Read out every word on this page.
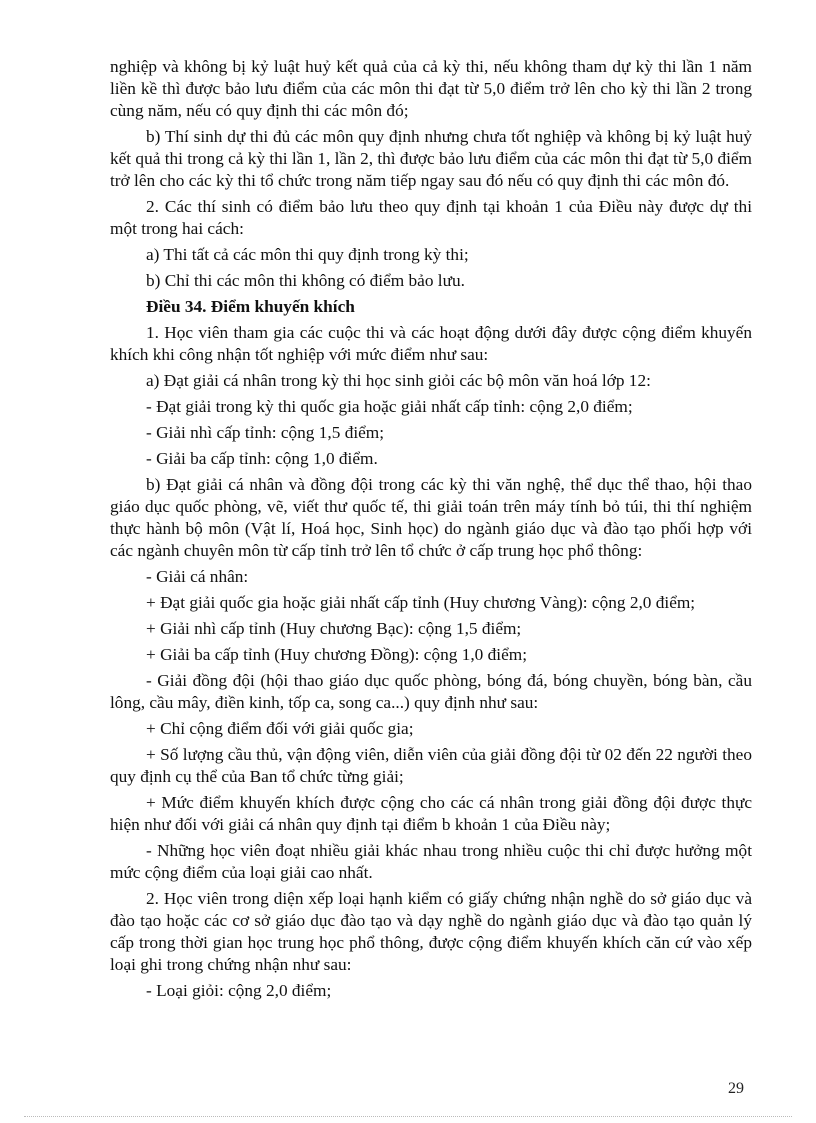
nghiệp và không bị kỷ luật huỷ kết quả của cả kỳ thi, nếu không tham dự kỳ thi lần 1 năm liền kề thì được bảo lưu điểm của các môn thi đạt từ 5,0 điểm trở lên cho kỳ thi lần 2 trong cùng năm, nếu có quy định thi các môn đó;

b) Thí sinh dự thi đủ các môn quy định nhưng chưa tốt nghiệp và không bị kỷ luật huỷ kết quả thi trong cả kỳ thi lần 1, lần 2, thì được bảo lưu điểm của các môn thi đạt từ 5,0 điểm trở lên cho các kỳ thi tổ chức trong năm tiếp ngay sau đó nếu có quy định thi các môn đó.

2. Các thí sinh có điểm bảo lưu theo quy định tại khoản 1 của Điều này được dự thi một trong hai cách:

a) Thi tất cả các môn thi quy định trong kỳ thi;

b) Chỉ thi các môn thi không có điểm bảo lưu.

Điều 34. Điểm khuyến khích

1. Học viên tham gia các cuộc thi và các hoạt động dưới đây được cộng điểm khuyến khích khi công nhận tốt nghiệp với mức điểm như sau:

a) Đạt giải cá nhân trong kỳ thi học sinh giỏi các bộ môn văn hoá lớp 12:

- Đạt giải trong kỳ thi quốc gia hoặc giải nhất cấp tỉnh: cộng 2,0 điểm;

- Giải nhì cấp tỉnh: cộng 1,5 điểm;

- Giải ba cấp tỉnh: cộng 1,0 điểm.

b) Đạt giải cá nhân và đồng đội trong các kỳ thi văn nghệ, thể dục thể thao, hội thao giáo dục quốc phòng, vẽ, viết thư quốc tế, thi giải toán trên máy tính bỏ túi, thi thí nghiệm thực hành bộ môn (Vật lí, Hoá học, Sinh học) do ngành giáo dục và đào tạo phối hợp với các ngành chuyên môn từ cấp tỉnh trở lên tổ chức ở cấp trung học phổ thông:

- Giải cá nhân:

+ Đạt giải quốc gia hoặc giải nhất cấp tỉnh (Huy chương Vàng): cộng 2,0 điểm;

+ Giải nhì cấp tỉnh (Huy chương Bạc): cộng 1,5 điểm;

+ Giải ba cấp tỉnh (Huy chương Đồng): cộng 1,0 điểm;

- Giải đồng đội (hội thao giáo dục quốc phòng, bóng đá, bóng chuyền, bóng bàn, cầu lông, cầu mây, điền kinh, tốp ca, song ca...) quy định như sau:

+ Chỉ cộng điểm đối với giải quốc gia;

+ Số lượng cầu thủ, vận động viên, diễn viên của giải đồng đội từ 02 đến 22 người theo quy định cụ thể của Ban tổ chức từng giải;

+ Mức điểm khuyến khích được cộng cho các cá nhân trong giải đồng đội được thực hiện như đối với giải cá nhân quy định tại điểm b khoản 1 của Điều này;

- Những học viên đoạt nhiều giải khác nhau trong nhiều cuộc thi chỉ được hưởng một mức cộng điểm của loại giải cao nhất.

2. Học viên trong diện xếp loại hạnh kiểm có giấy chứng nhận nghề do sở giáo dục và đào tạo hoặc các cơ sở giáo dục đào tạo và dạy nghề do ngành giáo dục và đào tạo quản lý cấp trong thời gian học trung học phổ thông, được cộng điểm khuyến khích căn cứ vào xếp loại ghi trong chứng nhận như sau:

- Loại giỏi: cộng 2,0 điểm;

29
